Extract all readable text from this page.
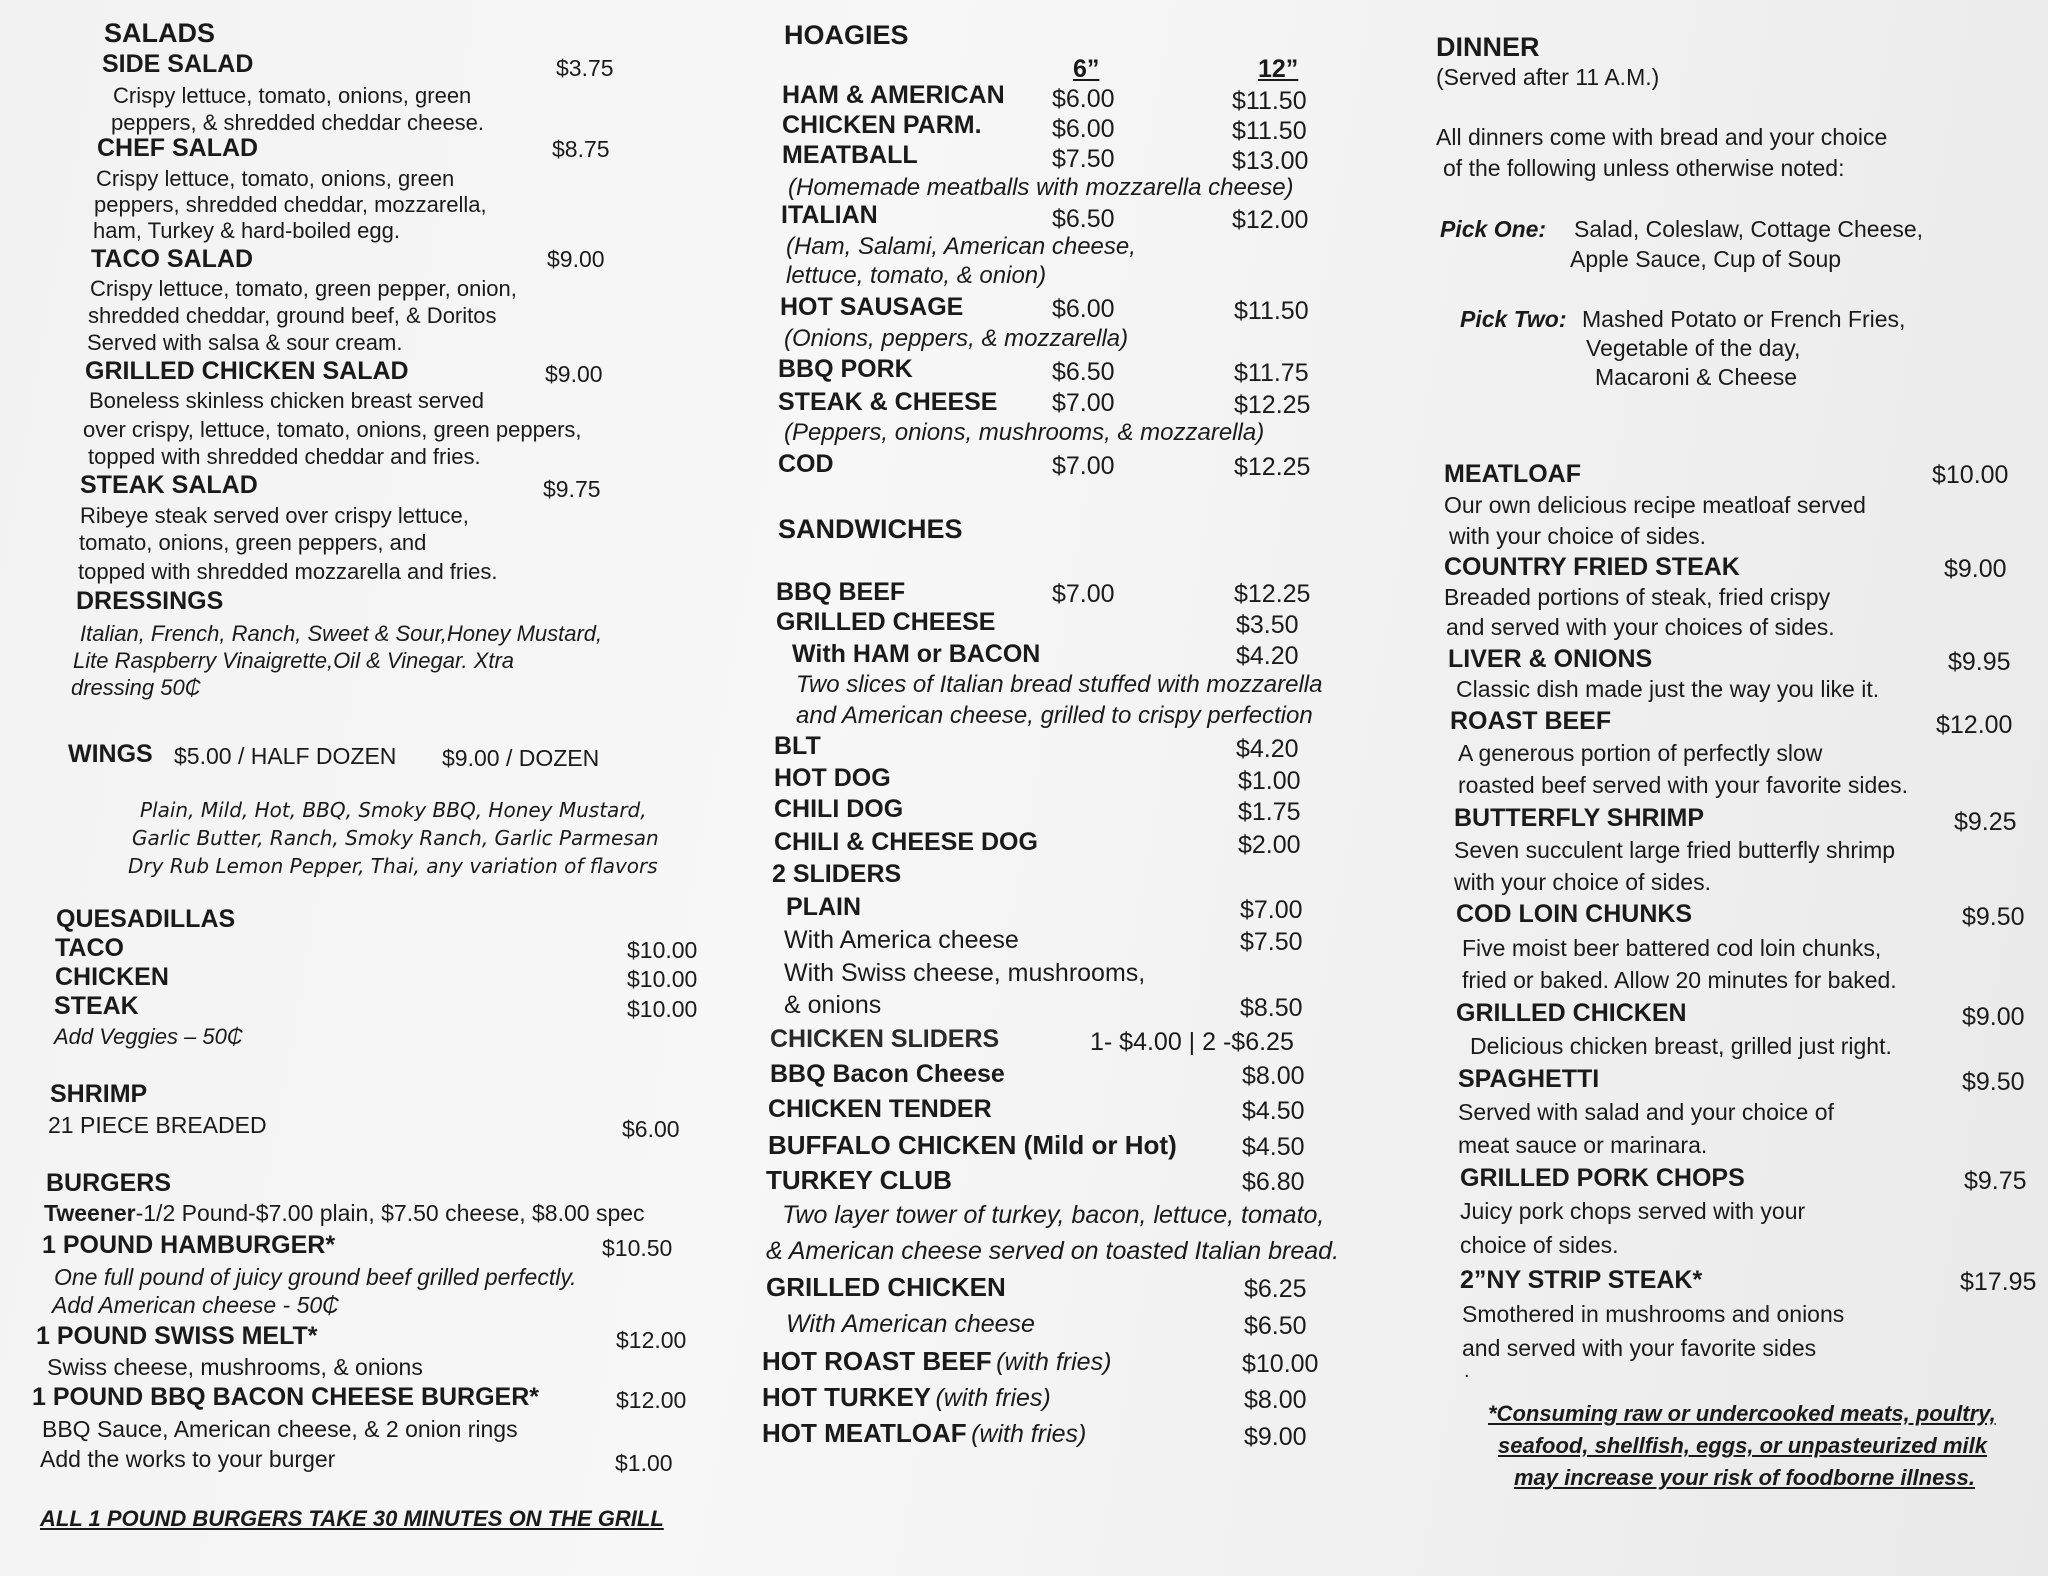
SALADS
SIDE SALAD	$3.75
Crispy lettuce, tomato, onions, green
peppers, & shredded cheddar cheese.
CHEF SALAD	$8.75
Crispy lettuce, tomato, onions, green
peppers, shredded cheddar, mozzarella,
ham, Turkey & hard-boiled egg.
TACO SALAD	$9.00
Crispy lettuce, tomato, green pepper, onion,
shredded cheddar, ground beef, & Doritos
Served with salsa & sour cream.
GRILLED CHICKEN SALAD	$9.00
Boneless skinless chicken breast served
over crispy, lettuce, tomato, onions, green peppers,
topped with shredded cheddar and fries.
STEAK SALAD	$9.75
Ribeye steak served over crispy lettuce,
tomato, onions, green peppers, and
topped with shredded mozzarella and fries.
DRESSINGS
Italian, French, Ranch, Sweet & Sour,Honey Mustard,
Lite Raspberry Vinaigrette,Oil & Vinegar. Xtra
dressing 50₵
WINGS $5.00 / HALF DOZEN $9.00 / DOZEN
Plain, Mild, Hot, BBQ, Smoky BBQ, Honey Mustard,
Garlic Butter, Ranch, Smoky Ranch, Garlic Parmesan
Dry Rub Lemon Pepper, Thai, any variation of flavors
QUESADILLAS
TACO	$10.00
CHICKEN	$10.00
STEAK	$10.00
Add Veggies – 50₵
SHRIMP
21 PIECE BREADED	$6.00
BURGERS
Tweener-1/2 Pound-$7.00 plain, $7.50 cheese, $8.00 spec
1 POUND HAMBURGER*	$10.50
One full pound of juicy ground beef grilled perfectly.
Add American cheese - 50₵
1 POUND SWISS MELT*	$12.00
Swiss cheese, mushrooms, & onions
1 POUND BBQ BACON CHEESE BURGER*	$12.00
BBQ Sauce, American cheese, & 2 onion rings
Add the works to your burger	$1.00
ALL 1 POUND BURGERS TAKE 30 MINUTES ON THE GRILL
HOAGIES
6”	12”
HAM & AMERICAN $6.00	$11.50
CHICKEN PARM.	$6.00	$11.50
MEATBALL	$7.50	$13.00
(Homemade meatballs with mozzarella cheese)
ITALIAN	$6.50	$12.00
(Ham, Salami, American cheese,
lettuce, tomato, & onion)
HOT SAUSAGE	$6.00	$11.50
(Onions, peppers, & mozzarella)
BBQ PORK	$6.50	$11.75
STEAK & CHEESE $7.00	$12.25
(Peppers, onions, mushrooms, & mozzarella)
COD	$7.00	$12.25
SANDWICHES
BBQ BEEF	$7.00	$12.25
GRILLED CHEESE	$3.50
With HAM or BACON	$4.20
Two slices of Italian bread stuffed with mozzarella
and American cheese, grilled to crispy perfection
BLT	$4.20
HOT DOG	$1.00
CHILI DOG	$1.75
CHILI & CHEESE DOG	$2.00
2 SLIDERS
PLAIN	$7.00
With America cheese	$7.50
With Swiss cheese, mushrooms,
& onions	$8.50
CHICKEN SLIDERS	1- $4.00 | 2 -$6.25
BBQ Bacon Cheese	$8.00
CHICKEN TENDER	$4.50
BUFFALO CHICKEN (Mild or Hot)	$4.50
TURKEY CLUB	$6.80
Two layer tower of turkey, bacon, lettuce, tomato,
& American cheese served on toasted Italian bread.
GRILLED CHICKEN	$6.25
With American cheese	$6.50
HOT ROAST BEEF (with fries)	$10.00
HOT TURKEY (with fries)	$8.00
HOT MEATLOAF (with fries)	$9.00
DINNER
(Served after 11 A.M.)
All dinners come with bread and your choice
of the following unless otherwise noted:
Pick One: Salad, Coleslaw, Cottage Cheese,
Apple Sauce, Cup of Soup
Pick Two: Mashed Potato or French Fries,
Vegetable of the day,
Macaroni & Cheese
MEATLOAF	$10.00
Our own delicious recipe meatloaf served
with your choice of sides.
COUNTRY FRIED STEAK	$9.00
Breaded portions of steak, fried crispy
and served with your choices of sides.
LIVER & ONIONS	$9.95
Classic dish made just the way you like it.
ROAST BEEF	$12.00
A generous portion of perfectly slow
roasted beef served with your favorite sides.
BUTTERFLY SHRIMP	$9.25
Seven succulent large fried butterfly shrimp
with your choice of sides.
COD LOIN CHUNKS	$9.50
Five moist beer battered cod loin chunks,
fried or baked. Allow 20 minutes for baked.
GRILLED CHICKEN	$9.00
Delicious chicken breast, grilled just right.
SPAGHETTI	$9.50
Served with salad and your choice of
meat sauce or marinara.
GRILLED PORK CHOPS	$9.75
Juicy pork chops served with your
choice of sides.
2”NY STRIP STEAK*	$17.95
Smothered in mushrooms and onions
and served with your favorite sides
.
*Consuming raw or undercooked meats, poultry,
seafood, shellfish, eggs, or unpasteurized milk
may increase your risk of foodborne illness.
